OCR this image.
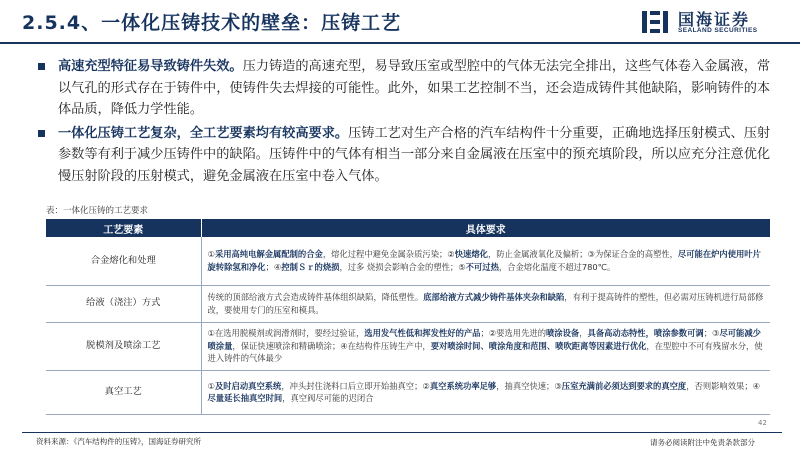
2.5.4、一体化压铸技术的壁垒：压铸工艺	国海证券
SEALAND SECURITIES
高速充型特征易导致铸件失效。压力铸造的高速充型，易导致压室或型腔中的气体无法完全排出，这些气体卷入金属液，常以气孔的形式存在于铸件中，使铸件失去焊接的可能性。此外，如果工艺控制不当，还会造成铸件其他缺陷，影响铸件的本体品质，降低力学性能。
一体化压铸工艺复杂，全工艺要素均有较高要求。压铸工艺对生产合格的汽车结构件十分重要，正确地选择压射模式、压射参数等有利于减少压铸件中的缺陷。压铸件中的气体有相当一部分来自金属液在压室中的预充填阶段，所以应充分注意优化慢压射阶段的压射模式，避免金属液在压室中卷入气体。
表：一体化压铸的工艺要求
工艺要素	具体要求
合金熔化和处理	①采用高纯电解金属配制的合金，熔化过程中避免金属杂质污染；②快速熔化，防止金属液氧化及偏析；③为保证合金的高塑性，尽可能在炉内使用叶片旋转除氢和净化；④控制Ｓｒ的烧损，过多 烧损会影响合金的塑性；⑤不可过热，合金熔化温度不超过780℃。
给液（浇注）方式	传统的顶部给液方式会造成铸件基体组织缺陷，降低塑性。底部给液方式减少铸件基体夹杂和缺陷，有利于提高铸件的塑性，但必需对压铸机进行局部修改，要使用专门的压室和模具。
脱模剂及喷涂工艺	①在选用脱模剂或润滑剂时，要经过验证，选用发气性低和挥发性好的产品；②要选用先进的喷涂设备，具备高动态特性，喷涂参数可调；③尽可能减少喷涂量，保证快速喷涂和精确喷涂；④在结构件压铸生产中，要对喷涂时间、喷涂角度和范围、喷吹距离等因素进行优化，在型腔中不可有残留水分，使进入铸件的气体最少
真空工艺	①及时启动真空系统，冲头封住浇料口后立即开始抽真空；②真空系统功率足够，抽真空快速；③压室充满前必须达到要求的真空度，否则影响效果；④尽量延长抽真空时间，真空阀尽可能的迟闭合
42
资料来源：《汽车结构件的压铸》，国海证券研究所	请务必阅读附注中免责条款部分
